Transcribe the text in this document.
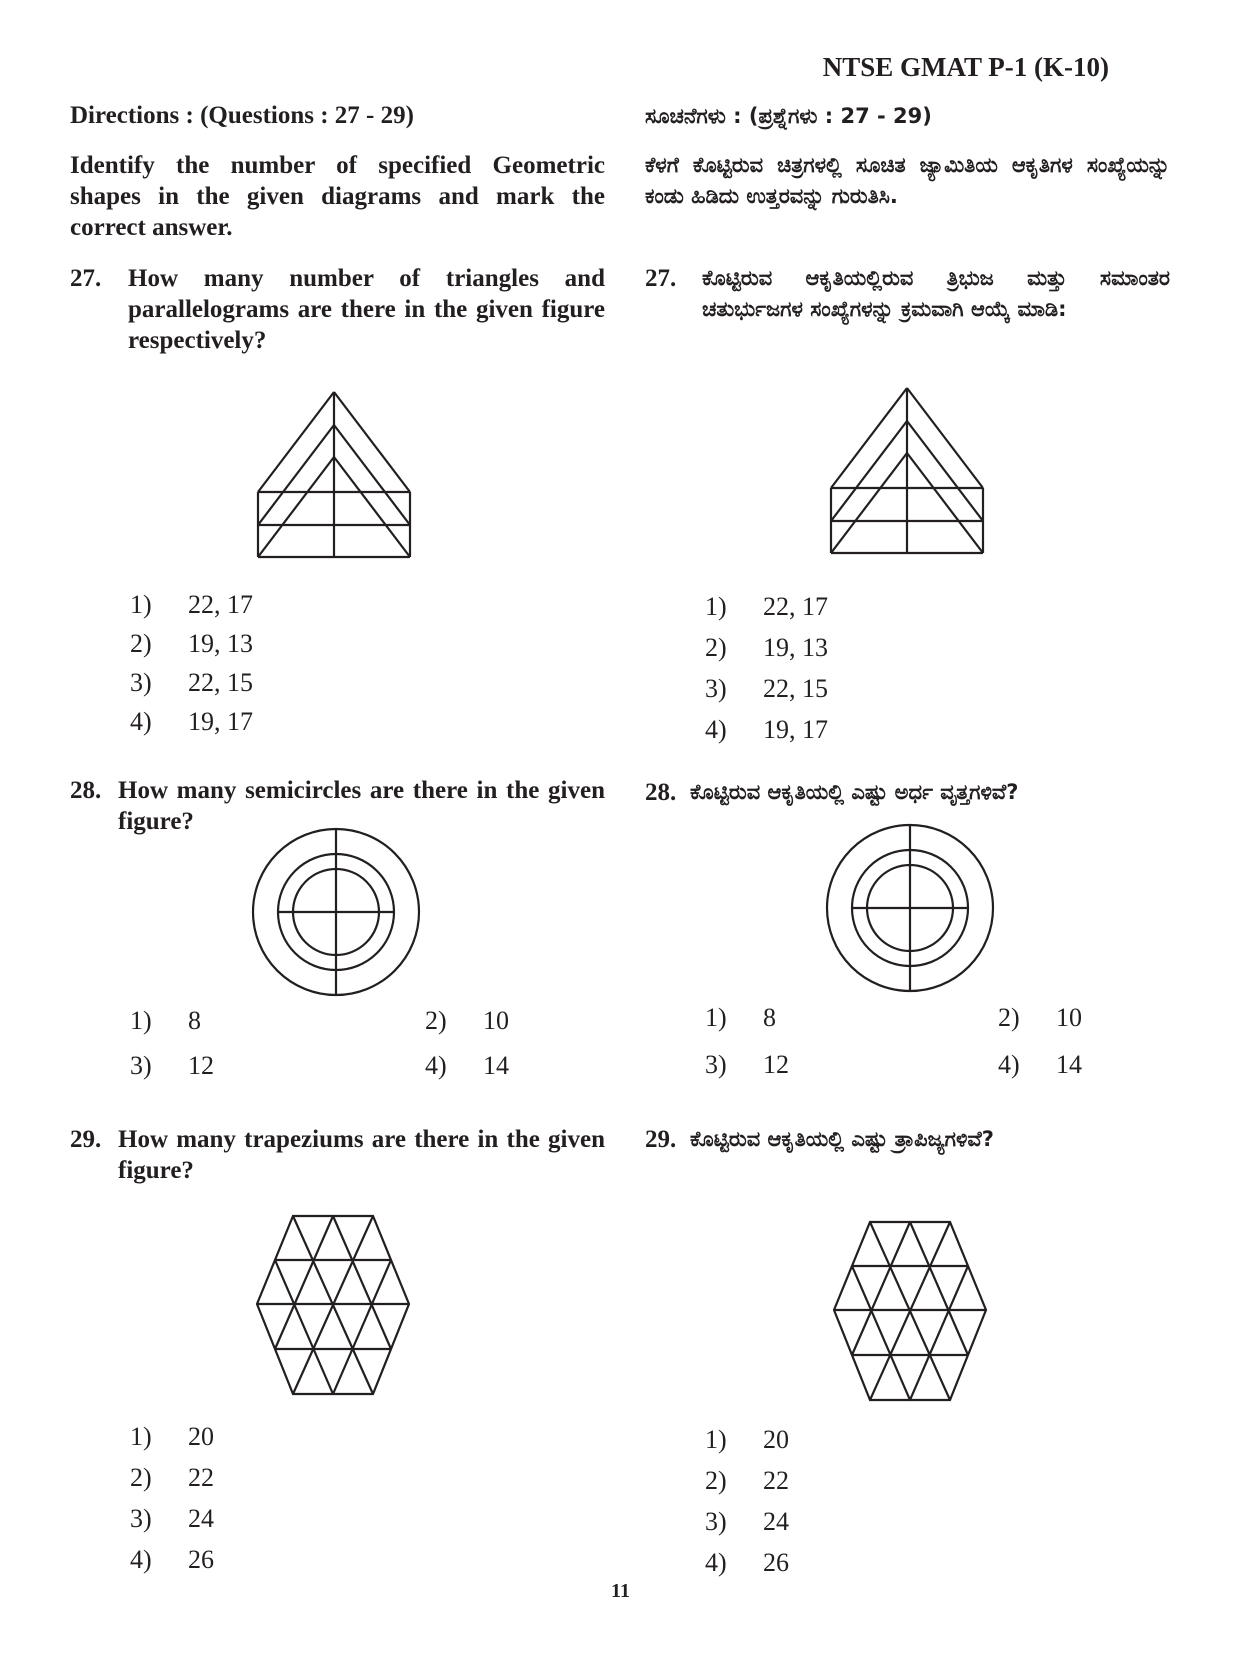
NTSE GMAT P-1 (K-10)
Directions : (Questions : 27 - 29)
Identify the number of specified Geometric shapes in the given diagrams and mark the correct answer.
27. How many number of triangles and parallelograms are there in the given figure respectively?
1) 22, 17
2) 19, 13
3) 22, 15
4) 19, 17
28. How many semicircles are there in the given figure?
1) 8	2) 10
3) 12	4) 14
29. How many trapeziums are there in the given figure?
1) 20
2) 22
3) 24
4) 26
ಸೂಚನೆಗಳು : (ಪ್ರಶ್ನೆಗಳು : 27 - 29)
ಕೆಳಗೆ ಕೊಟ್ಟಿರುವ ಚಿತ್ರಗಳಲ್ಲಿ ಸೂಚಿತ ಜ್ಯಾಮಿತಿಯ ಆಕೃತಿಗಳ ಸಂಖ್ಯೆಯನ್ನು ಕಂಡು ಹಿಡಿದು ಉತ್ತರವನ್ನು ಗುರುತಿಸಿ.
27. ಕೊಟ್ಟಿರುವ ಆಕೃತಿಯಲ್ಲಿರುವ ತ್ರಿಭುಜ ಮತ್ತು ಸಮಾಂತರ ಚತುರ್ಭುಜಗಳ ಸಂಖ್ಯೆಗಳನ್ನು ಕ್ರಮವಾಗಿ ಆಯ್ಕೆ ಮಾಡಿ:
1) 22, 17
2) 19, 13
3) 22, 15
4) 19, 17
28. ಕೊಟ್ಟಿರುವ ಆಕೃತಿಯಲ್ಲಿ ಎಷ್ಟು ಅರ್ಧ ವೃತ್ತಗಳಿವೆ?
1) 8	2) 10
3) 12	4) 14
29. ಕೊಟ್ಟಿರುವ ಆಕೃತಿಯಲ್ಲಿ ಎಷ್ಟು ತ್ರಾಪಿಜ್ಯಗಳಿವೆ?
1) 20
2) 22
3) 24
4) 26
11
